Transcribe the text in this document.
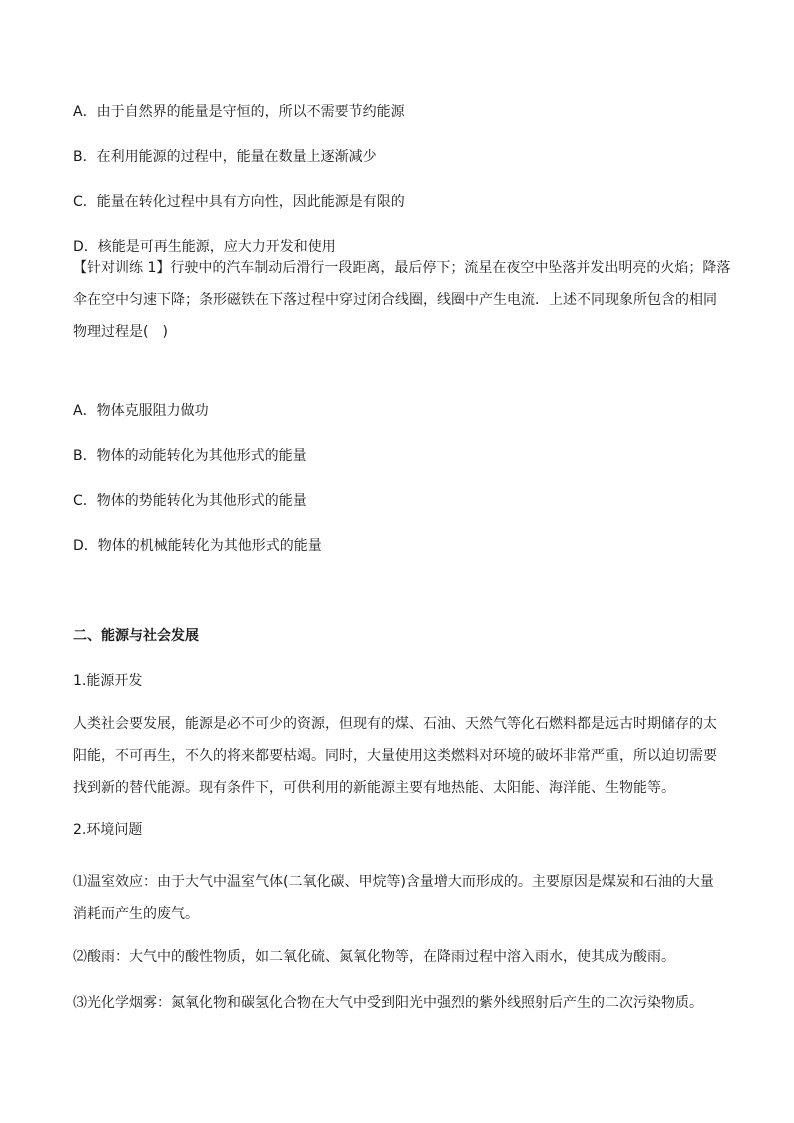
A．由于自然界的能量是守恒的，所以不需要节约能源
B．在利用能源的过程中，能量在数量上逐渐减少
C．能量在转化过程中具有方向性，因此能源是有限的
D．核能是可再生能源，应大力开发和使用
【针对训练 1】行驶中的汽车制动后滑行一段距离，最后停下；流星在夜空中坠落并发出明亮的火焰；降落
伞在空中匀速下降；条形磁铁在下落过程中穿过闭合线圈，线圈中产生电流．上述不同现象所包含的相同
物理过程是(　)
A．物体克服阻力做功
B．物体的动能转化为其他形式的能量
C．物体的势能转化为其他形式的能量
D．物体的机械能转化为其他形式的能量
二、能源与社会发展
1.能源开发
人类社会要发展，能源是必不可少的资源，但现有的煤、石油、天然气等化石燃料都是远古时期储存的太
阳能，不可再生，不久的将来都要枯竭。同时，大量使用这类燃料对环境的破坏非常严重，所以迫切需要
找到新的替代能源。现有条件下，可供利用的新能源主要有地热能、太阳能、海洋能、生物能等。
2.环境问题
⑴温室效应：由于大气中温室气体(二氧化碳、甲烷等)含量增大而形成的。主要原因是煤炭和石油的大量
消耗而产生的废气。
⑵酸雨：大气中的酸性物质，如二氧化硫、氮氧化物等，在降雨过程中溶入雨水，使其成为酸雨。
⑶光化学烟雾：氮氧化物和碳氢化合物在大气中受到阳光中强烈的紫外线照射后产生的二次污染物质。
